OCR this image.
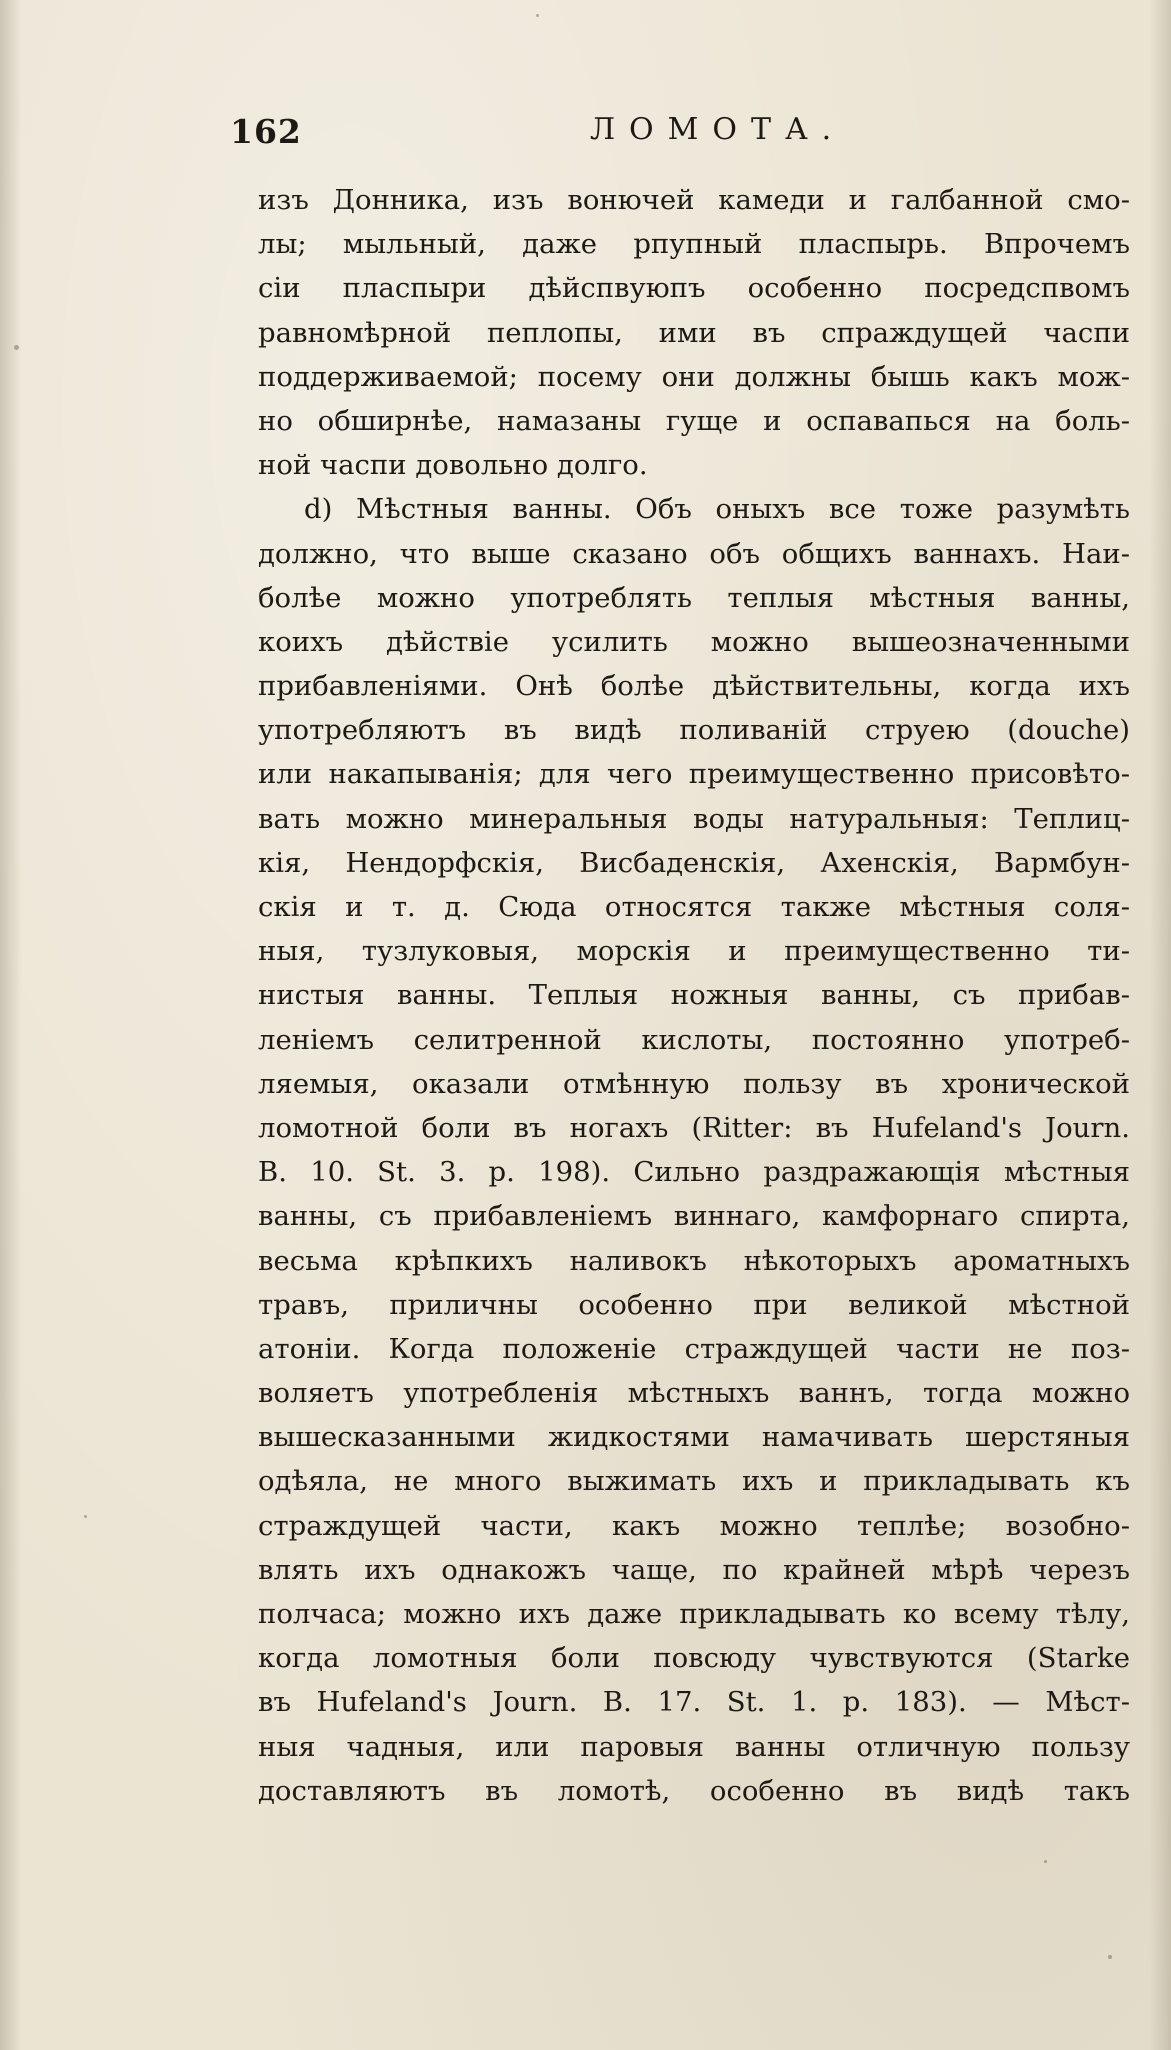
162	ЛОМОТА.
изъ Донника, изъ вонючей камеди и галбанной смо-
лы; мыльный, даже рпупный пласпырь. Впрочемъ
сіи пласпыри дѣйспвуюпъ особенно посредспвомъ
равномѣрной пеплопы, ими въ спраждущей часпи
поддерживаемой; посему они должны бышь какъ мож-
но обширнѣе, намазаны гуще и оспавапься на боль-
ной часпи довольно долго.
d) Мѣстныя ванны. Объ оныхъ все тоже разумѣть
должно, что выше сказано объ общихъ ваннахъ. Наи-
болѣе можно употреблять теплыя мѣстныя ванны,
коихъ дѣйствіе усилить можно вышеозначенными
прибавленіями. Онѣ болѣе дѣйствительны, когда ихъ
употребляютъ въ видѣ поливаній струею (douche)
или накапыванія; для чего преимущественно присовѣто-
вать можно минеральныя воды натуральныя: Теплиц-
кія, Нендорфскія, Висбаденскія, Ахенскія, Вармбун-
скія и т. д. Сюда относятся также мѣстныя соля-
ныя, тузлуковыя, морскія и преимущественно ти-
нистыя ванны. Теплыя ножныя ванны, съ прибав-
леніемъ селитренной кислоты, постоянно употреб-
ляемыя, оказали отмѣнную пользу въ хронической
ломотной боли въ ногахъ (Ritter: въ Hufeland's Journ.
B. 10. St. 3. p. 198). Сильно раздражающія мѣстныя
ванны, съ прибавленіемъ виннаго, камфорнаго спирта,
весьма крѣпкихъ наливокъ нѣкоторыхъ ароматныхъ
травъ, приличны особенно при великой мѣстной
атоніи. Когда положеніе страждущей части не поз-
воляетъ употребленія мѣстныхъ ваннъ, тогда можно
вышесказанными жидкостями намачивать шерстяныя
одѣяла, не много выжимать ихъ и прикладывать къ
страждущей части, какъ можно теплѣе; возобно-
влять ихъ однакожъ чаще, по крайней мѣрѣ черезъ
полчаса; можно ихъ даже прикладывать ко всему тѣлу,
когда ломотныя боли повсюду чувствуются (Starke
въ Hufeland's Journ. B. 17. St. 1. p. 183). — Мѣст-
ныя чадныя, или паровыя ванны отличную пользу
доставляютъ въ ломотѣ, особенно въ видѣ такъ
